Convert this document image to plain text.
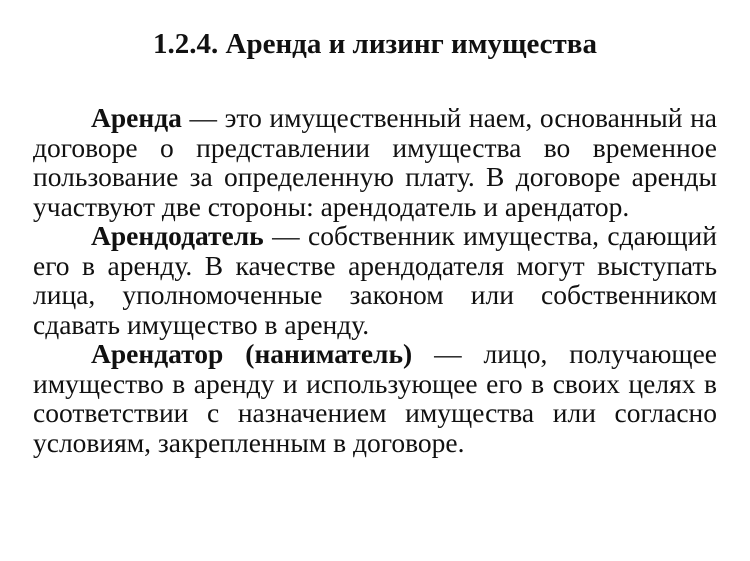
1.2.4. Аренда и лизинг имущества

Аренда — это имущественный наем, основанный на договоре о представлении имущества во временное пользование за определенную плату. В договоре аренды участвуют две стороны: арендодатель и арендатор.

Арендодатель — собственник имущества, сдающий его в аренду. В качестве арендодателя могут выступать лица, уполномоченные законом или собственником сдавать имущество в аренду.

Арендатор (наниматель) — лицо, получающее имущество в аренду и использующее его в своих целях в соответствии с назначением имущества или согласно условиям, закрепленным в договоре.
